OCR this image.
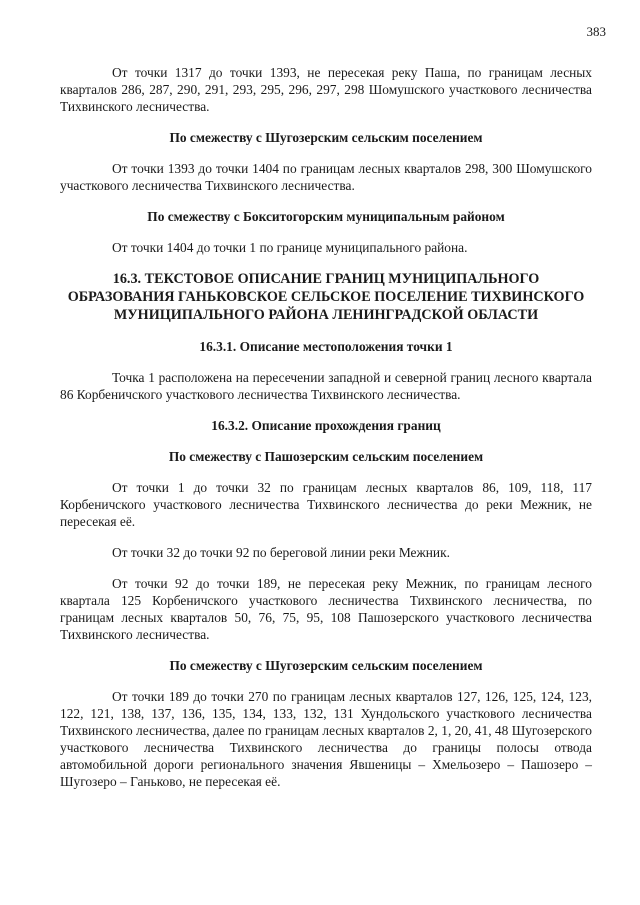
383

От точки 1317 до точки 1393, не пересекая реку Паша, по границам лесных кварталов 286, 287, 290, 291, 293, 295, 296, 297, 298 Шомушского участкового лесничества Тихвинского лесничества.

По смежеству с Шугозерским сельским поселением

От точки 1393 до точки 1404 по границам лесных кварталов 298, 300 Шомушского участкового лесничества Тихвинского лесничества.

По смежеству с Бокситогорским муниципальным районом

От точки 1404 до точки 1 по границе муниципального района.

16.3. ТЕКСТОВОЕ ОПИСАНИЕ ГРАНИЦ МУНИЦИПАЛЬНОГО ОБРАЗОВАНИЯ ГАНЬКОВСКОЕ СЕЛЬСКОЕ ПОСЕЛЕНИЕ ТИХВИНСКОГО МУНИЦИПАЛЬНОГО РАЙОНА ЛЕНИНГРАДСКОЙ ОБЛАСТИ
16.3.1. Описание местоположения точки 1

Точка 1 расположена на пересечении западной и северной границ лесного квартала 86 Корбеничского участкового лесничества Тихвинского лесничества.

16.3.2. Описание прохождения границ
По смежеству с Пашозерским сельским поселением

От точки 1 до точки 32 по границам лесных кварталов 86, 109, 118, 117 Корбеничского участкового лесничества Тихвинского лесничества до реки Межник, не пересекая её.

От точки 32 до точки 92 по береговой линии реки Межник.

От точки 92 до точки 189, не пересекая реку Межник, по границам лесного квартала 125 Корбеничского участкового лесничества Тихвинского лесничества, по границам лесных кварталов 50, 76, 75, 95, 108 Пашозерского участкового лесничества Тихвинского лесничества.

По смежеству с Шугозерским сельским поселением

От точки 189 до точки 270 по границам лесных кварталов 127, 126, 125, 124, 123, 122, 121, 138, 137, 136, 135, 134, 133, 132, 131 Хундольского участкового лесничества Тихвинского лесничества, далее по границам лесных кварталов 2, 1, 20, 41, 48 Шугозерского участкового лесничества Тихвинского лесничества до границы полосы отвода автомобильной дороги регионального значения Явшеницы – Хмельозеро – Пашозеро – Шугозеро – Ганьково, не пересекая её.
